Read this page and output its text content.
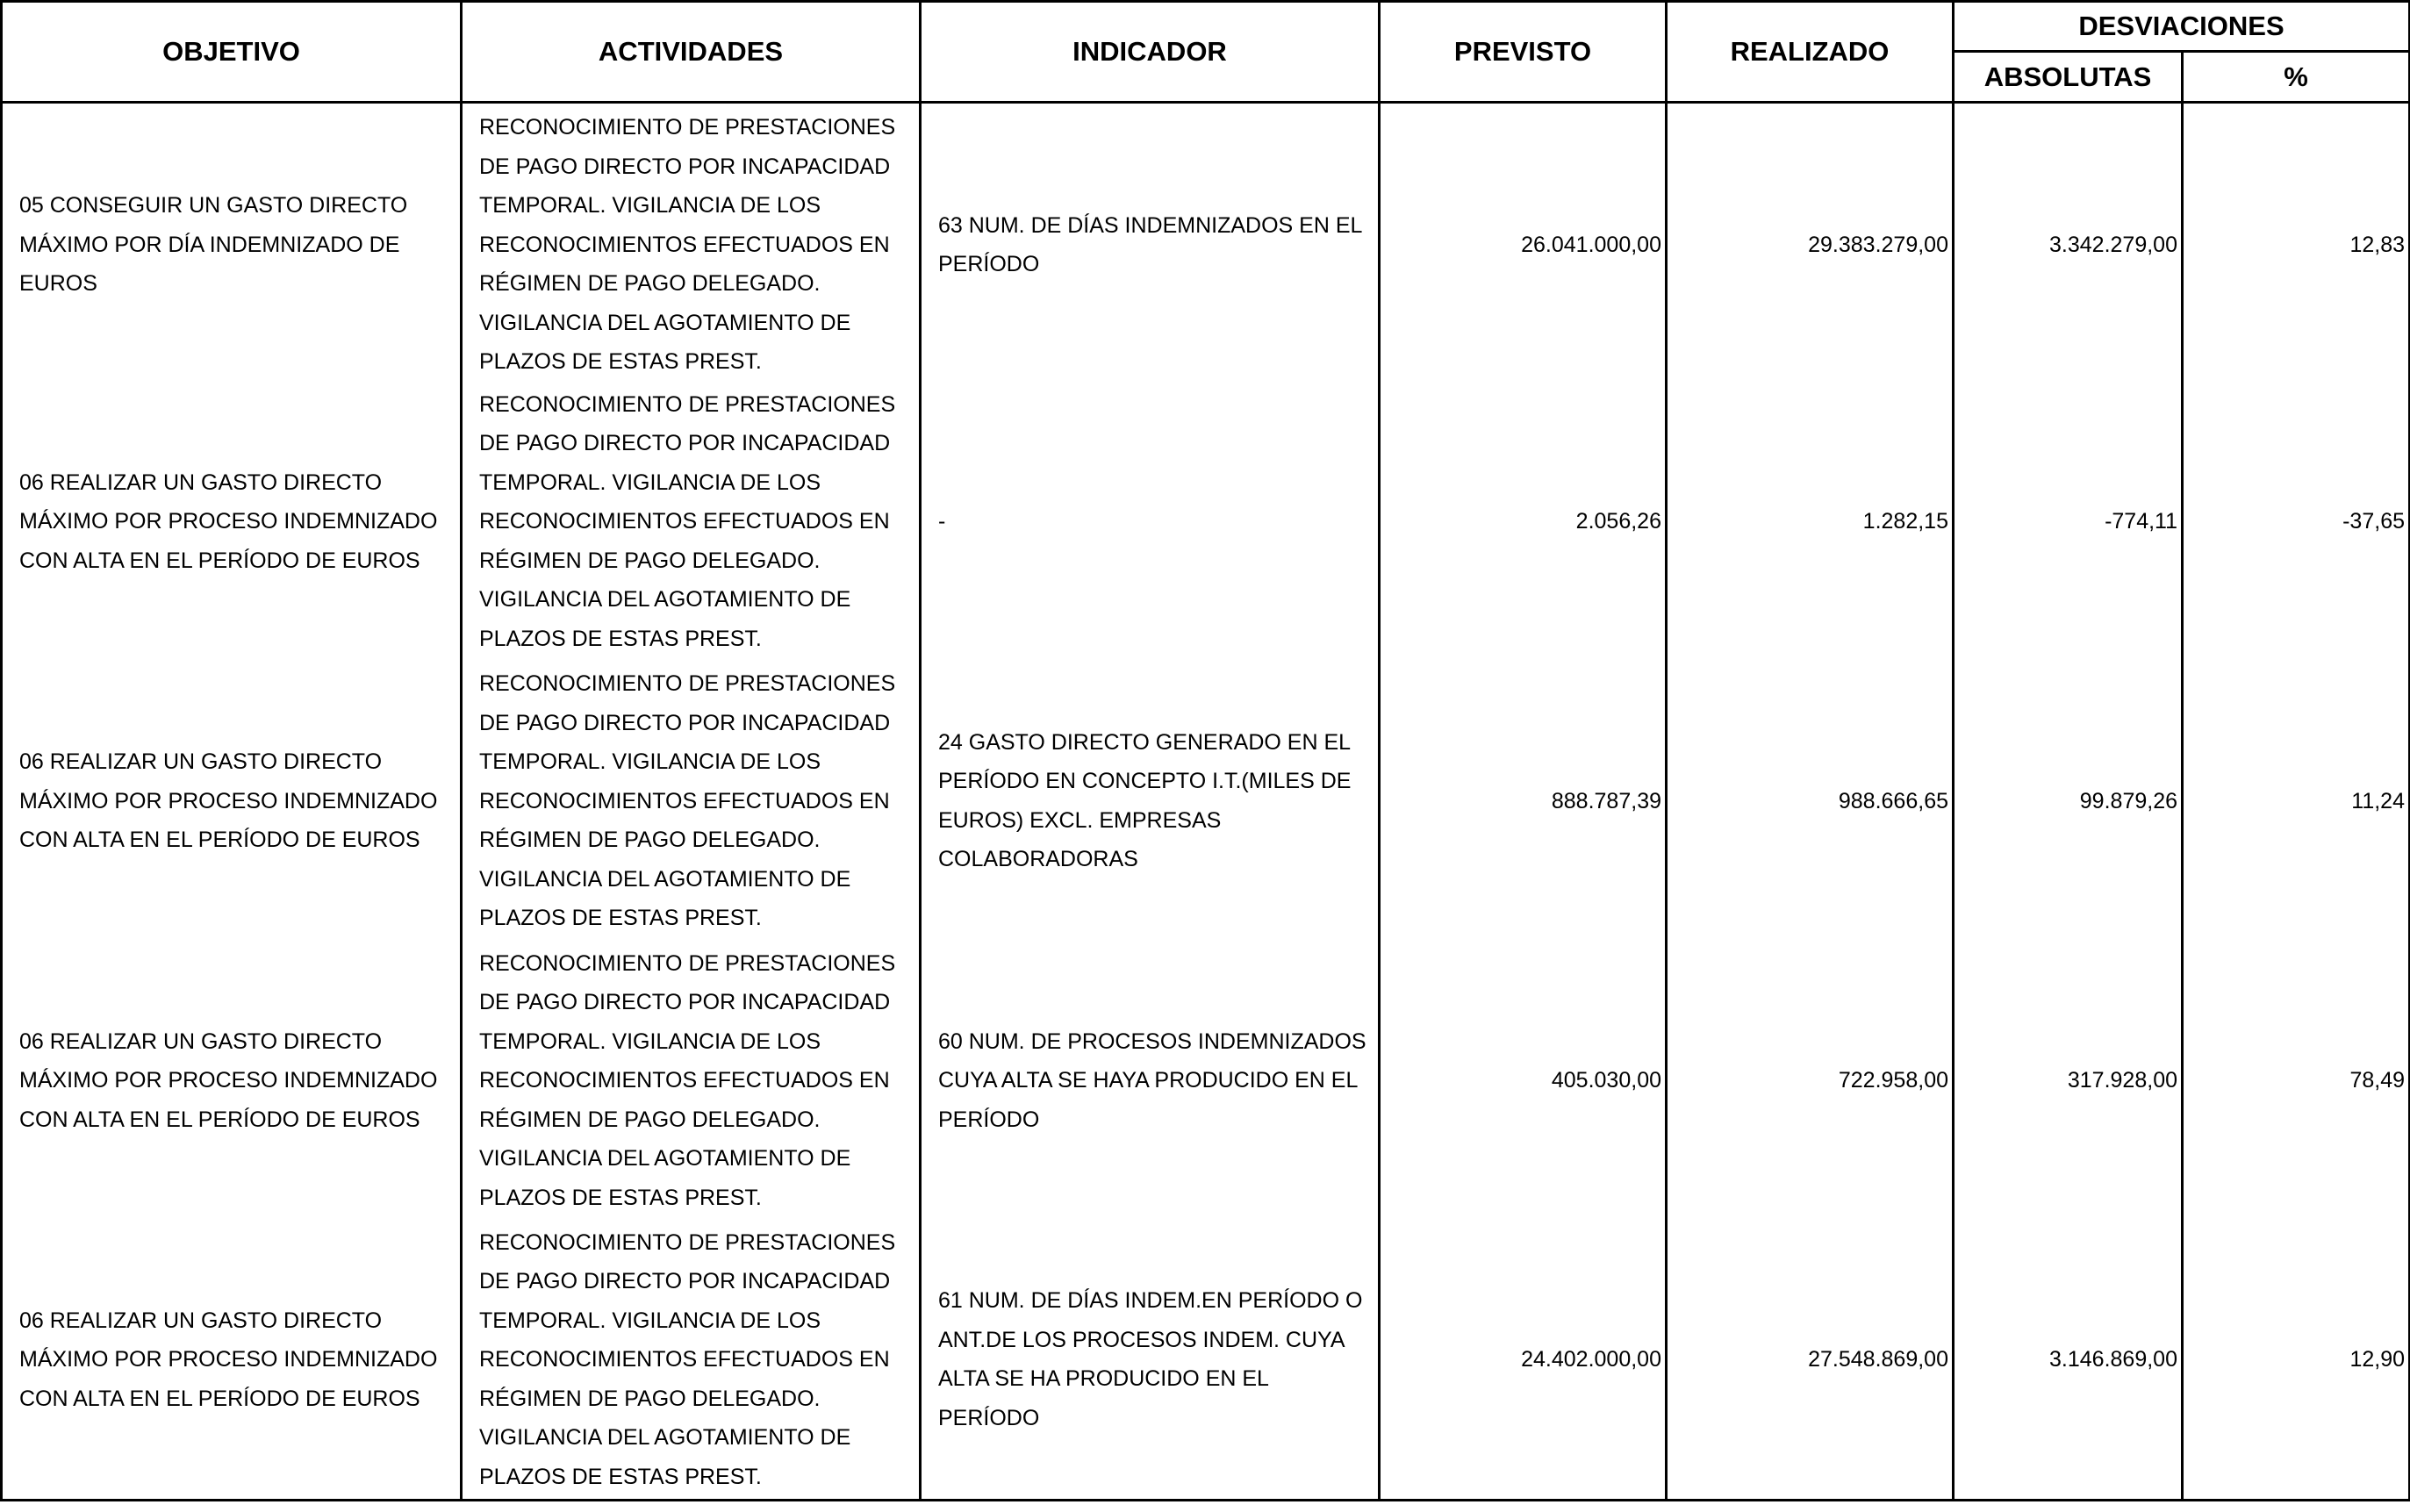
OBJETIVO	ACTIVIDADES	INDICADOR	PREVISTO	REALIZADO	DESVIACIONES	
					ABSOLUTAS	%
05 CONSEGUIR UN GASTO DIRECTO MÁXIMO POR DÍA INDEMNIZADO DE EUROS	RECONOCIMIENTO DE PRESTACIONES DE PAGO DIRECTO POR INCAPACIDAD TEMPORAL. VIGILANCIA DE LOS RECONOCIMIENTOS EFECTUADOS EN RÉGIMEN DE PAGO DELEGADO. VIGILANCIA DEL AGOTAMIENTO DE PLAZOS DE ESTAS PREST.	63 NUM. DE DÍAS INDEMNIZADOS EN EL PERÍODO	26.041.000,00	29.383.279,00	3.342.279,00	12,83
06 REALIZAR UN GASTO DIRECTO MÁXIMO POR PROCESO INDEMNIZADO CON ALTA EN EL PERÍODO DE EUROS	RECONOCIMIENTO DE PRESTACIONES DE PAGO DIRECTO POR INCAPACIDAD TEMPORAL. VIGILANCIA DE LOS RECONOCIMIENTOS EFECTUADOS EN RÉGIMEN DE PAGO DELEGADO. VIGILANCIA DEL AGOTAMIENTO DE PLAZOS DE ESTAS PREST.	-	2.056,26	1.282,15	-774,11	-37,65
06 REALIZAR UN GASTO DIRECTO MÁXIMO POR PROCESO INDEMNIZADO CON ALTA EN EL PERÍODO DE EUROS	RECONOCIMIENTO DE PRESTACIONES DE PAGO DIRECTO POR INCAPACIDAD TEMPORAL. VIGILANCIA DE LOS RECONOCIMIENTOS EFECTUADOS EN RÉGIMEN DE PAGO DELEGADO. VIGILANCIA DEL AGOTAMIENTO DE PLAZOS DE ESTAS PREST.	24 GASTO DIRECTO GENERADO EN EL PERÍODO EN CONCEPTO I.T.(MILES DE EUROS) EXCL. EMPRESAS COLABORADORAS	888.787,39	988.666,65	99.879,26	11,24
06 REALIZAR UN GASTO DIRECTO MÁXIMO POR PROCESO INDEMNIZADO CON ALTA EN EL PERÍODO DE EUROS	RECONOCIMIENTO DE PRESTACIONES DE PAGO DIRECTO POR INCAPACIDAD TEMPORAL. VIGILANCIA DE LOS RECONOCIMIENTOS EFECTUADOS EN RÉGIMEN DE PAGO DELEGADO. VIGILANCIA DEL AGOTAMIENTO DE PLAZOS DE ESTAS PREST.	60 NUM. DE PROCESOS INDEMNIZADOS CUYA ALTA SE HAYA PRODUCIDO EN EL PERÍODO	405.030,00	722.958,00	317.928,00	78,49
06 REALIZAR UN GASTO DIRECTO MÁXIMO POR PROCESO INDEMNIZADO CON ALTA EN EL PERÍODO DE EUROS	RECONOCIMIENTO DE PRESTACIONES DE PAGO DIRECTO POR INCAPACIDAD TEMPORAL. VIGILANCIA DE LOS RECONOCIMIENTOS EFECTUADOS EN RÉGIMEN DE PAGO DELEGADO. VIGILANCIA DEL AGOTAMIENTO DE PLAZOS DE ESTAS PREST.	61 NUM. DE DÍAS INDEM.EN PERÍODO O ANT.DE LOS PROCESOS INDEM. CUYA ALTA SE HA PRODUCIDO EN EL PERÍODO	24.402.000,00	27.548.869,00	3.146.869,00	12,90
